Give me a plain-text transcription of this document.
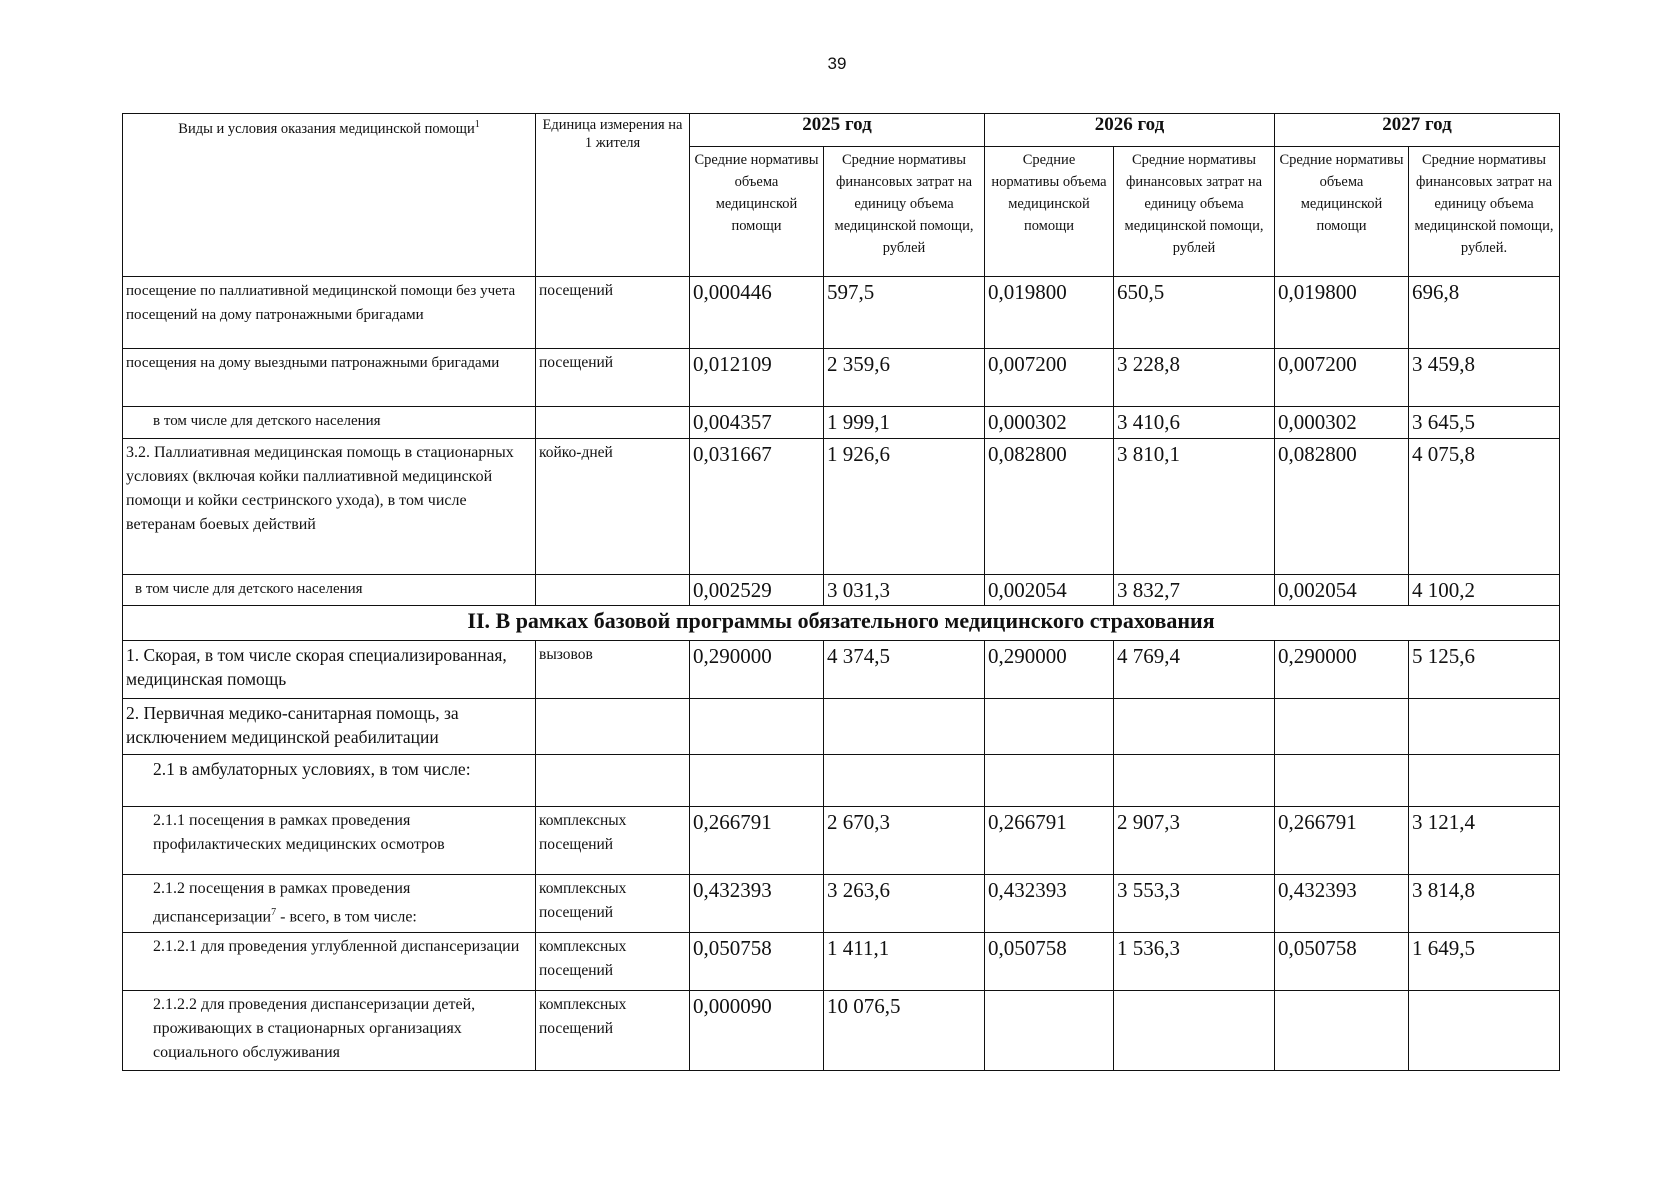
39
Виды и условия оказания медицинской помощи$^1$	Единица измерения на 1 жителя	2025 год		2026 год		2027 год	
		Средние нормативы объема медицинской помощи	Средние нормативы финансовых затрат на единицу объема медицинской помощи, рублей	Средние нормативы объема медицинской помощи	Средние нормативы финансовых затрат на единицу объема медицинской помощи, рублей	Средние нормативы объема медицинской помощи	Средние нормативы финансовых затрат на единицу объема медицинской помощи, рублей.
посещение по паллиативной медицинской помощи без учета посещений на дому патронажными бригадами	посещений	0,000446	597,5	0,019800	650,5	0,019800	696,8
посещения на дому выездными патронажными бригадами	посещений	0,012109	2 359,6	0,007200	3 228,8	0,007200	3 459,8
в том числе для детского населения		0,004357	1 999,1	0,000302	3 410,6	0,000302	3 645,5
3.2. Паллиативная медицинская помощь в стационарных условиях (включая койки паллиативной медицинской помощи и койки сестринского ухода), в том числе ветеранам боевых действий	койко-дней	0,031667	1 926,6	0,082800	3 810,1	0,082800	4 075,8
в том числе для детского населения		0,002529	3 031,3	0,002054	3 832,7	0,002054	4 100,2
II. В рамках базовой программы обязательного медицинского страхования							
1. Скорая, в том числе скорая специализированная, медицинская помощь	вызовов	0,290000	4 374,5	0,290000	4 769,4	0,290000	5 125,6
2. Первичная медико-санитарная помощь, за исключением медицинской реабилитации							
2.1 в амбулаторных условиях, в том числе:							
2.1.1 посещения в рамках проведения профилактических медицинских осмотров	комплексных посещений	0,266791	2 670,3	0,266791	2 907,3	0,266791	3 121,4
2.1.2 посещения в рамках проведения диспансеризации$^7$ - всего, в том числе:	комплексных посещений	0,432393	3 263,6	0,432393	3 553,3	0,432393	3 814,8
2.1.2.1 для проведения углубленной диспансеризации	комплексных посещений	0,050758	1 411,1	0,050758	1 536,3	0,050758	1 649,5
2.1.2.2 для проведения диспансеризации детей, проживающих в стационарных организациях социального обслуживания	комплексных посещений	0,000090	10 076,5				
